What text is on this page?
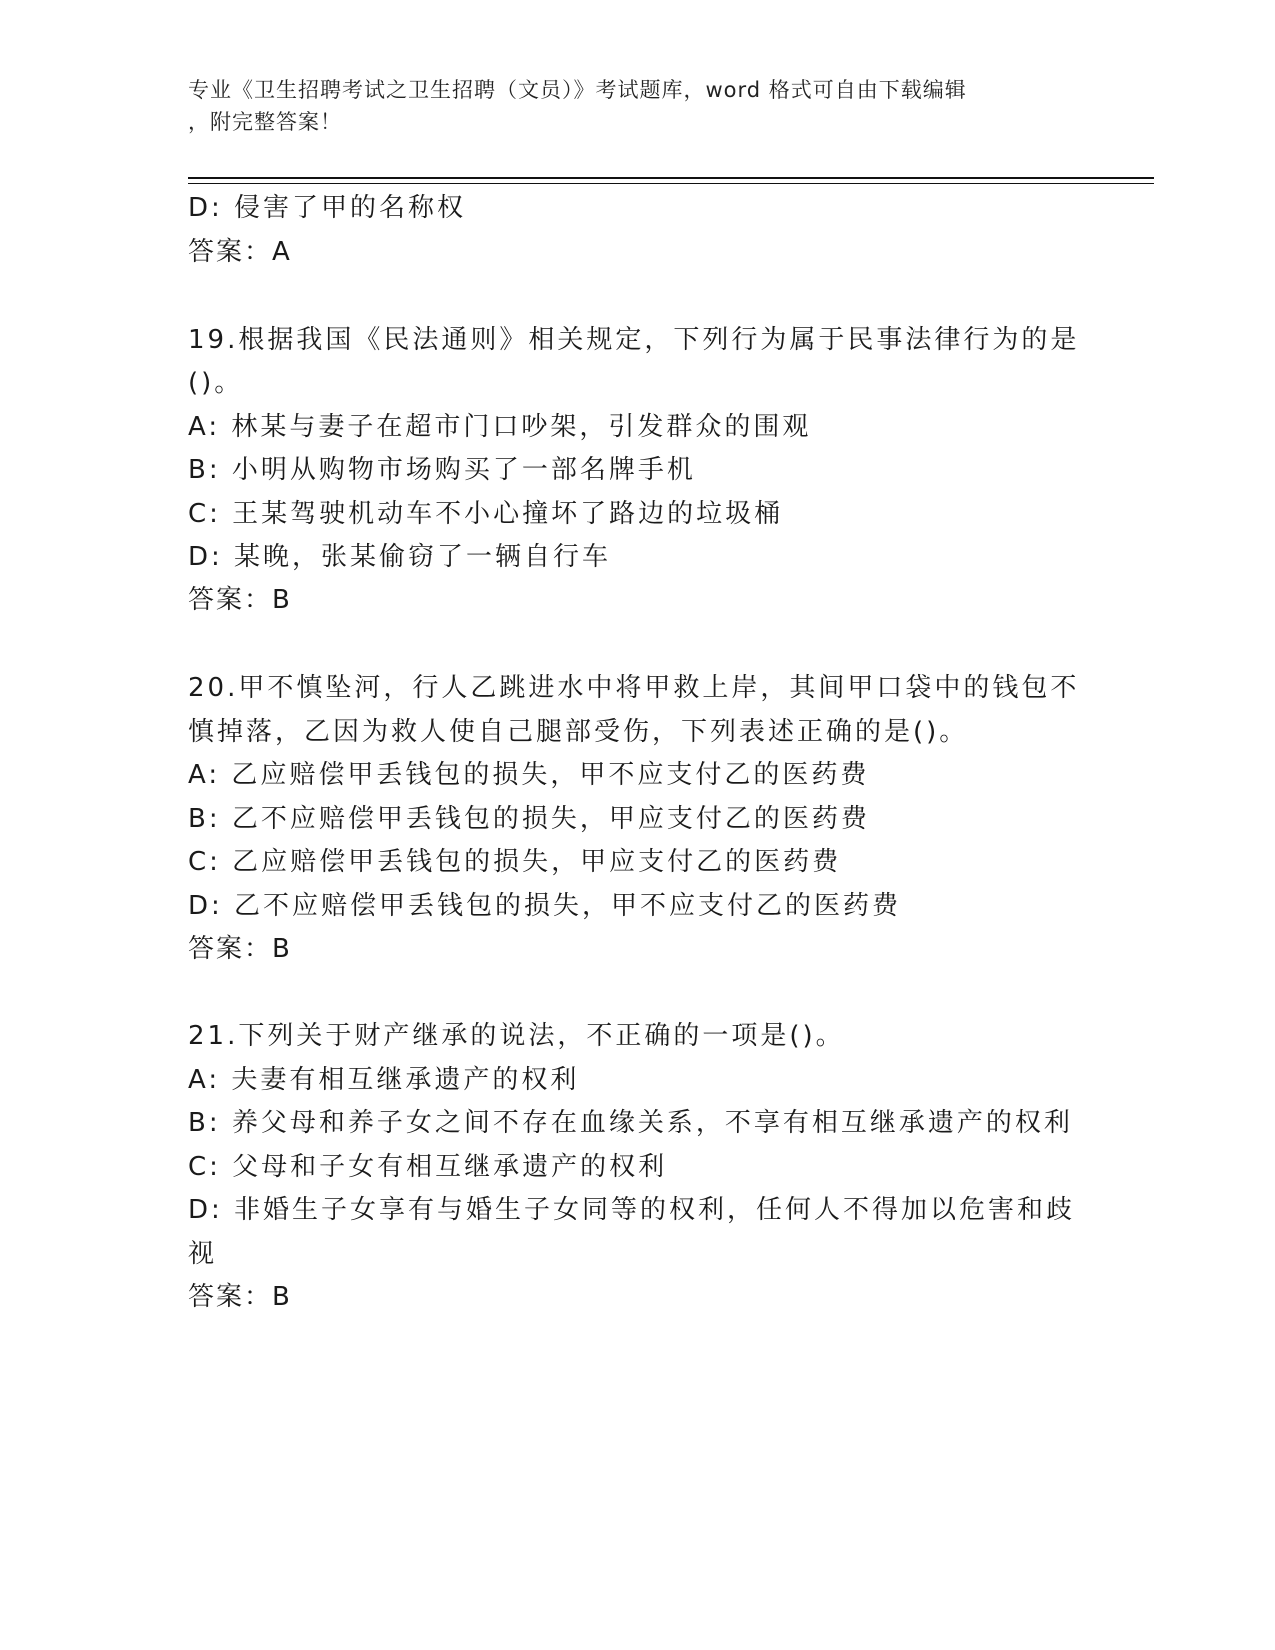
专业《卫生招聘考试之卫生招聘（文员）》考试题库，word 格式可自由下载编辑
，附完整答案！
D: 侵害了甲的名称权
答案：A
19.根据我国《民法通则》相关规定，下列行为属于民事法律行为的是
()。
A: 林某与妻子在超市门口吵架，引发群众的围观
B: 小明从购物市场购买了一部名牌手机
C: 王某驾驶机动车不小心撞坏了路边的垃圾桶
D: 某晚，张某偷窃了一辆自行车
答案：B
20.甲不慎坠河，行人乙跳进水中将甲救上岸，其间甲口袋中的钱包不
慎掉落，乙因为救人使自己腿部受伤，下列表述正确的是()。
A: 乙应赔偿甲丢钱包的损失，甲不应支付乙的医药费
B: 乙不应赔偿甲丢钱包的损失，甲应支付乙的医药费
C: 乙应赔偿甲丢钱包的损失，甲应支付乙的医药费
D: 乙不应赔偿甲丢钱包的损失，甲不应支付乙的医药费
答案：B
21.下列关于财产继承的说法，不正确的一项是()。
A: 夫妻有相互继承遗产的权利
B: 养父母和养子女之间不存在血缘关系，不享有相互继承遗产的权利
C: 父母和子女有相互继承遗产的权利
D: 非婚生子女享有与婚生子女同等的权利，任何人不得加以危害和歧
视
答案：B
